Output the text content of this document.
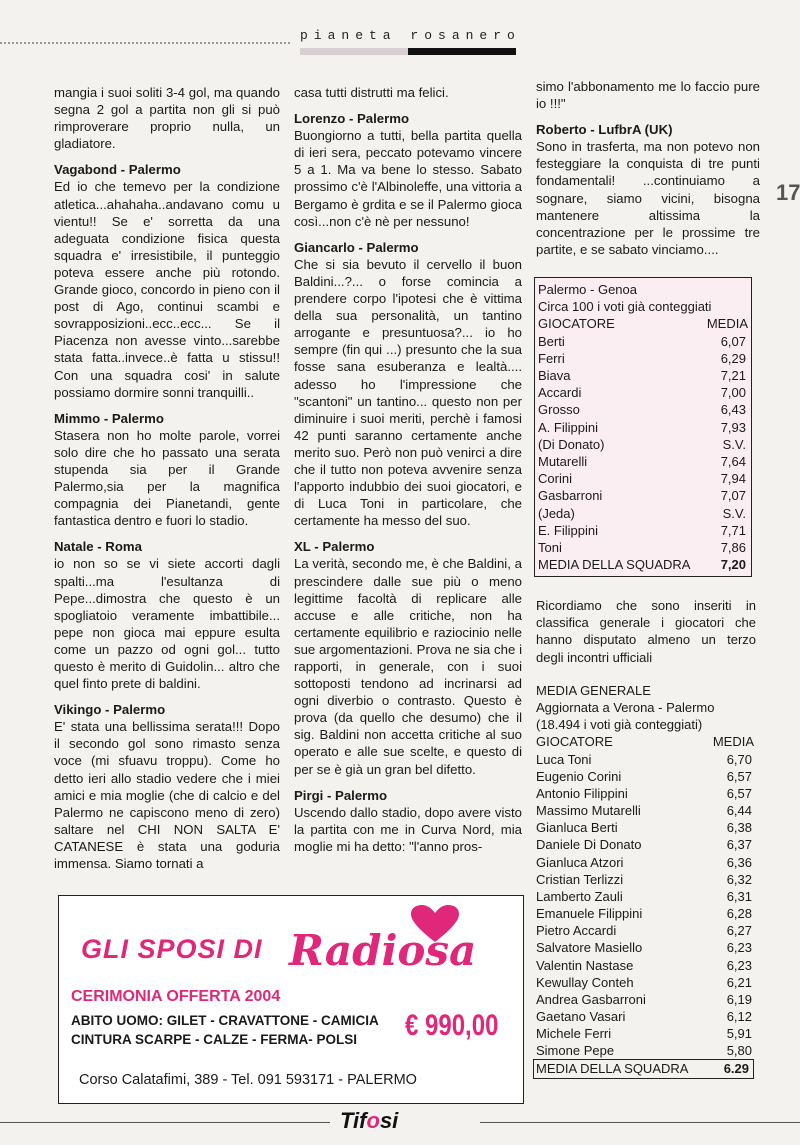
pianeta rosanero
17

mangia i suoi soliti 3-4 gol, ma quando segna 2 gol a partita non gli si può rimproverare proprio nulla, un gladiatore.

Vagabond - Palermo
Ed io che temevo per la condizione atletica...ahahaha..andavano comu u vientu!! Se e' sorretta da una adeguata condizione fisica questa squadra e' irresistibile, il punteggio poteva essere anche più rotondo. Grande gioco, concordo in pieno con il post di Ago, continui scambi e sovrapposizioni..ecc..ecc... Se il Piacenza non avesse vinto...sarebbe stata fatta..invece..è fatta u stissu!! Con una squadra cosi' in salute possiamo dormire sonni tranquilli..

Mimmo - Palermo
Stasera non ho molte parole, vorrei solo dire che ho passato una serata stupenda sia per il Grande Palermo,sia per la magnifica compagnia dei Pianetandi, gente fantastica dentro e fuori lo stadio.

Natale - Roma
io non so se vi siete accorti dagli spalti...ma l'esultanza di Pepe...dimostra che questo è un spogliatoio veramente imbattibile... pepe non gioca mai eppure esulta come un pazzo od ogni gol... tutto questo è merito di Guidolin... altro che quel finto prete di baldini.

Vikingo - Palermo
E' stata una bellissima serata!!! Dopo il secondo gol sono rimasto senza voce (mi sfuavu troppu). Come ho detto ieri allo stadio vedere che i miei amici e mia moglie (che di calcio e del Palermo ne capiscono meno di zero) saltare nel CHI NON SALTA E' CATANESE è stata una goduria immensa. Siamo tornati a

casa tutti distrutti ma felici.

Lorenzo - Palermo
Buongiorno a tutti, bella partita quella di ieri sera, peccato potevamo vincere 5 a 1. Ma va bene lo stesso. Sabato prossimo c'è l'Albinoleffe, una vittoria a Bergamo è grdita e se il Palermo gioca così...non c'è nè per nessuno!

Giancarlo - Palermo
Che si sia bevuto il cervello il buon Baldini...?... o forse comincia a prendere corpo l'ipotesi che è vittima della sua personalità, un tantino arrogante e presuntuosa?... io ho sempre (fin qui ...) presunto che la sua fosse sana esuberanza e lealtà.... adesso ho l'impressione che "scantoni" un tantino... questo non per diminuire i suoi meriti, perchè i famosi 42 punti saranno certamente anche merito suo. Però non può venirci a dire che il tutto non poteva avvenire senza l'apporto indubbio dei suoi giocatori, e di Luca Toni in particolare, che certamente ha messo del suo.

XL - Palermo
La verità, secondo me, è che Baldini, a prescindere dalle sue più o meno legittime facoltà di replicare alle accuse e alle critiche, non ha certamente equilibrio e raziocinio nelle sue argomentazioni. Prova ne sia che i rapporti, in generale, con i suoi sottoposti tendono ad incrinarsi ad ogni diverbio o contrasto. Questo è prova (da quello che desumo) che il sig. Baldini non accetta critiche al suo operato e alle sue scelte, e questo di per se è già un gran bel difetto.

Pirgi - Palermo
Uscendo dallo stadio, dopo avere visto la partita con me in Curva Nord, mia moglie mi ha detto: "l'anno pros-

simo l'abbonamento me lo faccio pure io !!!"

Roberto - LufbrA (UK)
Sono in trasferta, ma non potevo non festeggiare la conquista di tre punti fondamentali! ...continuiamo a sognare, siamo vicini, bisogna mantenere altissima la concentrazione per le prossime tre partite, e se sabato vinciamo....

Palermo - Genoa
Circa 100 i voti già conteggiati
GIOCATORE	MEDIA
Berti	6,07
Ferri	6,29
Biava	7,21
Accardi	7,00
Grosso	6,43
A. Filippini	7,93
(Di Donato)	S.V.
Mutarelli	7,64
Corini	7,94
Gasbarroni	7,07
(Jeda)	S.V.
E. Filippini	7,71
Toni	7,86
MEDIA DELLA SQUADRA 7,20
Ricordiamo che sono inseriti in classifica generale i giocatori che hanno disputato almeno un terzo degli incontri ufficiali
MEDIA GENERALE
Aggiornata a Verona - Palermo
(18.494 i voti già conteggiati)
GIOCATORE	MEDIA
Luca Toni	6,70
Eugenio Corini	6,57
Antonio Filippini	6,57
Massimo Mutarelli	6,44
Gianluca Berti	6,38
Daniele Di Donato	6,37
Gianluca Atzori	6,36
Cristian Terlizzi	6,32
Lamberto Zauli	6,31
Emanuele Filippini	6,28
Pietro Accardi	6,27
Salvatore Masiello	6,23
Valentin Nastase	6,23
Kewullay Conteh	6,21
Andrea Gasbarroni	6,19
Gaetano Vasari	6,12
Michele Ferri	5,91
Simone Pepe	5,80
MEDIA DELLA SQUADRA	6.29
GLI SPOSI DI Radiosa
CERIMONIA OFFERTA 2004
ABITO UOMO: GILET - CRAVATTONE - CAMICIA
CINTURA SCARPE - CALZE - FERMA- POLSI € 990,00
Corso Calatafimi, 389 - Tel. 091 593171 - PALERMO
Tifosi
